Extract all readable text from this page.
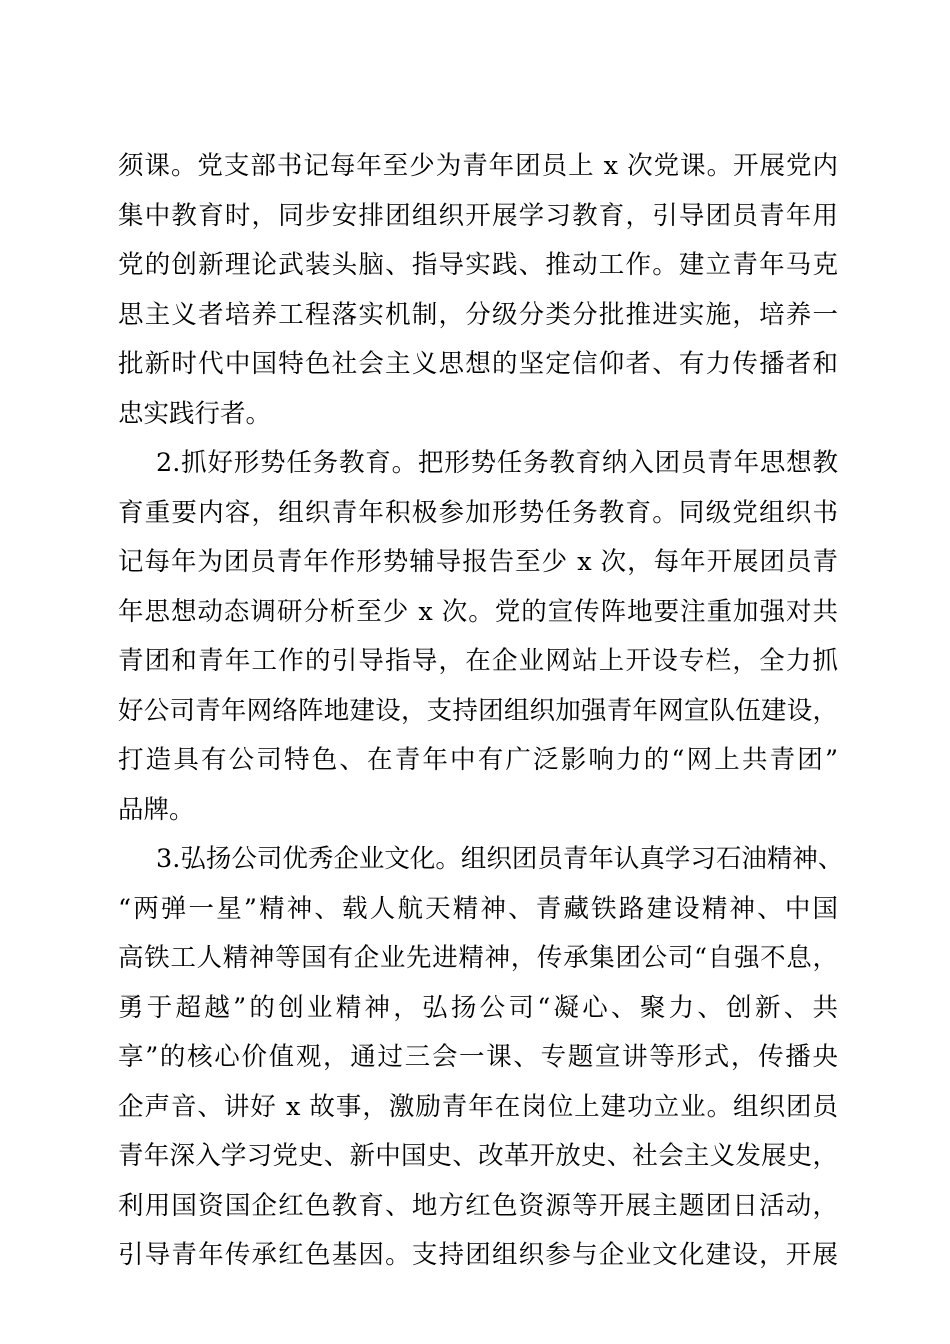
须课。党支部书记每年至少为青年团员上 x 次党课。开展党内
集中教育时，同步安排团组织开展学习教育，引导团员青年用
党的创新理论武装头脑、指导实践、推动工作。建立青年马克
思主义者培养工程落实机制，分级分类分批推进实施，培养一
批新时代中国特色社会主义思想的坚定信仰者、有力传播者和
忠实践行者。
2.抓好形势任务教育。把形势任务教育纳入团员青年思想教
育重要内容，组织青年积极参加形势任务教育。同级党组织书
记每年为团员青年作形势辅导报告至少 x 次，每年开展团员青
年思想动态调研分析至少 x 次。党的宣传阵地要注重加强对共
青团和青年工作的引导指导，在企业网站上开设专栏，全力抓
好公司青年网络阵地建设，支持团组织加强青年网宣队伍建设，
打造具有公司特色、在青年中有广泛影响力的“网上共青团”
品牌。
3.弘扬公司优秀企业文化。组织团员青年认真学习石油精神、
“两弹一星”精神、载人航天精神、青藏铁路建设精神、中国
高铁工人精神等国有企业先进精神，传承集团公司“自强不息，
勇于超越”的创业精神，弘扬公司“凝心、聚力、创新、共
享”的核心价值观，通过三会一课、专题宣讲等形式，传播央
企声音、讲好 x 故事，激励青年在岗位上建功立业。组织团员
青年深入学习党史、新中国史、改革开放史、社会主义发展史，
利用国资国企红色教育、地方红色资源等开展主题团日活动，
引导青年传承红色基因。支持团组织参与企业文化建设，开展
